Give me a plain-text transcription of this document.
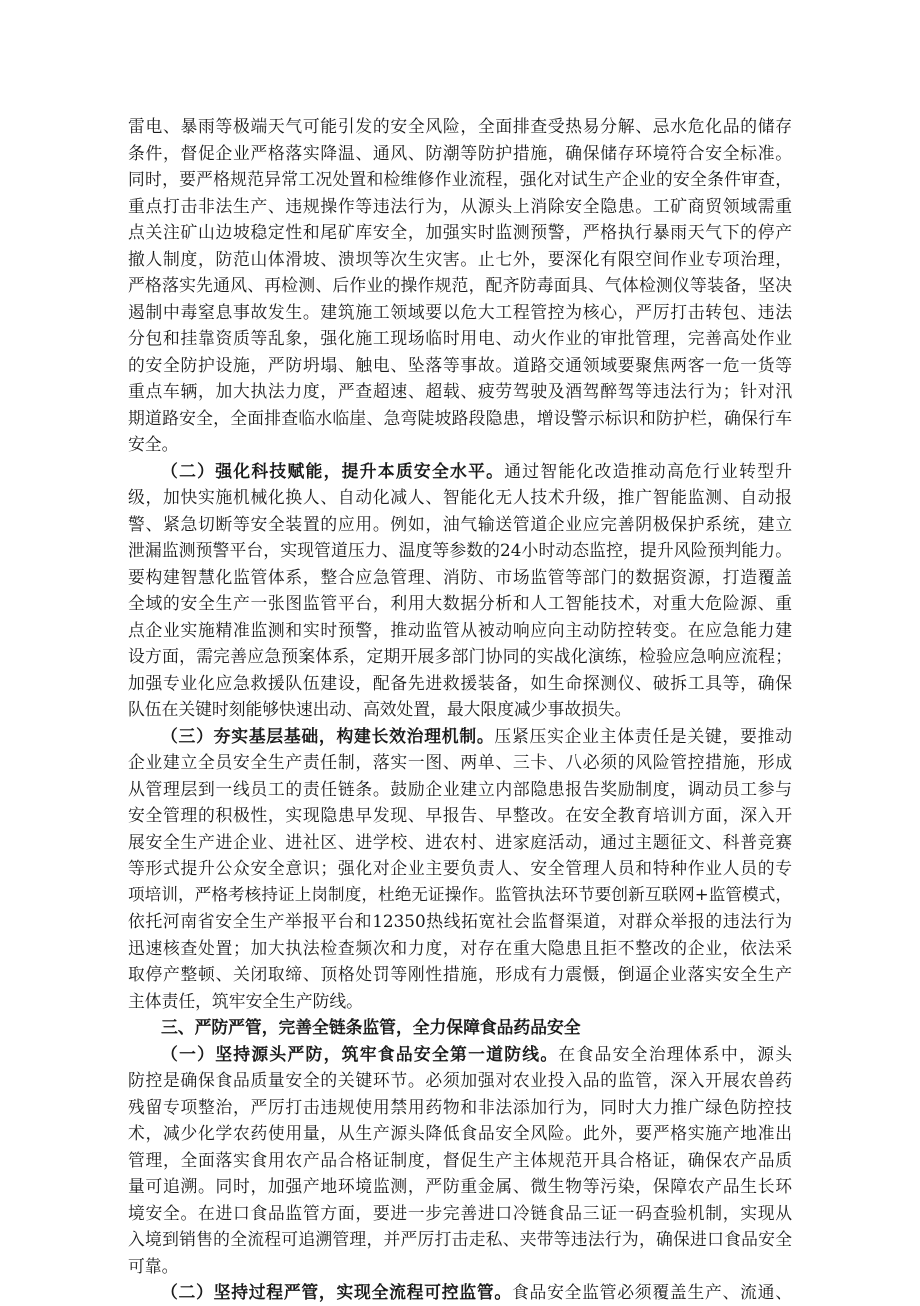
雷电、暴雨等极端天气可能引发的安全风险，全面排查受热易分解、忌水危化品的储存
条件，督促企业严格落实降温、通风、防潮等防护措施，确保储存环境符合安全标准。
同时，要严格规范异常工况处置和检维修作业流程，强化对试生产企业的安全条件审查，
重点打击非法生产、违规操作等违法行为，从源头上消除安全隐患。工矿商贸领域需重
点关注矿山边坡稳定性和尾矿库安全，加强实时监测预警，严格执行暴雨天气下的停产
撤人制度，防范山体滑坡、溃坝等次生灾害。止七外，要深化有限空间作业专项治理，
严格落实先通风、再检测、后作业的操作规范，配齐防毒面具、气体检测仪等装备，坚决
遏制中毒窒息事故发生。建筑施工领域要以危大工程管控为核心，严厉打击转包、违法
分包和挂靠资质等乱象，强化施工现场临时用电、动火作业的审批管理，完善高处作业
的安全防护设施，严防坍塌、触电、坠落等事故。道路交通领域要聚焦两客一危一货等
重点车辆，加大执法力度，严查超速、超载、疲劳驾驶及酒驾醉驾等违法行为；针对汛
期道路安全，全面排查临水临崖、急弯陡坡路段隐患，增设警示标识和防护栏，确保行车
安全。
（二）强化科技赋能，提升本质安全水平。通过智能化改造推动高危行业转型升
级，加快实施机械化换人、自动化减人、智能化无人技术升级，推广智能监测、自动报
警、紧急切断等安全装置的应用。例如，油气输送管道企业应完善阴极保护系统，建立
泄漏监测预警平台，实现管道压力、温度等参数的24小时动态监控，提升风险预判能力。
要构建智慧化监管体系，整合应急管理、消防、市场监管等部门的数据资源，打造覆盖
全域的安全生产一张图监管平台，利用大数据分析和人工智能技术，对重大危险源、重
点企业实施精准监测和实时预警，推动监管从被动响应向主动防控转变。在应急能力建
设方面，需完善应急预案体系，定期开展多部门协同的实战化演练，检验应急响应流程；
加强专业化应急救援队伍建设，配备先进救援装备，如生命探测仪、破拆工具等，确保
队伍在关键时刻能够快速出动、高效处置，最大限度减少事故损失。
（三）夯实基层基础，构建长效治理机制。压紧压实企业主体责任是关键，要推动
企业建立全员安全生产责任制，落实一图、两单、三卡、八必须的风险管控措施，形成
从管理层到一线员工的责任链条。鼓励企业建立内部隐患报告奖励制度，调动员工参与
安全管理的积极性，实现隐患早发现、早报告、早整改。在安全教育培训方面，深入开
展安全生产进企业、进社区、进学校、进农村、进家庭活动，通过主题征文、科普竞赛
等形式提升公众安全意识；强化对企业主要负责人、安全管理人员和特种作业人员的专
项培训，严格考核持证上岗制度，杜绝无证操作。监管执法环节要创新互联网+监管模式，
依托河南省安全生产举报平台和12350热线拓宽社会监督渠道，对群众举报的违法行为
迅速核查处置；加大执法检查频次和力度，对存在重大隐患且拒不整改的企业，依法采
取停产整顿、关闭取缔、顶格处罚等刚性措施，形成有力震慑，倒逼企业落实安全生产
主体责任，筑牢安全生产防线。
三、严防严管，完善全链条监管，全力保障食品药品安全
（一）坚持源头严防，筑牢食品安全第一道防线。在食品安全治理体系中，源头
防控是确保食品质量安全的关键环节。必须加强对农业投入品的监管，深入开展农兽药
残留专项整治，严厉打击违规使用禁用药物和非法添加行为，同时大力推广绿色防控技
术，减少化学农药使用量，从生产源头降低食品安全风险。此外，要严格实施产地准出
管理，全面落实食用农产品合格证制度，督促生产主体规范开具合格证，确保农产品质
量可追溯。同时，加强产地环境监测，严防重金属、微生物等污染，保障农产品生长环
境安全。在进口食品监管方面，要进一步完善进口冷链食品三证一码查验机制，实现从
入境到销售的全流程可追溯管理，并严厉打击走私、夹带等违法行为，确保进口食品安全
可靠。
（二）坚持过程严管，实现全流程可控监管。食品安全监管必须覆盖生产、流通、
